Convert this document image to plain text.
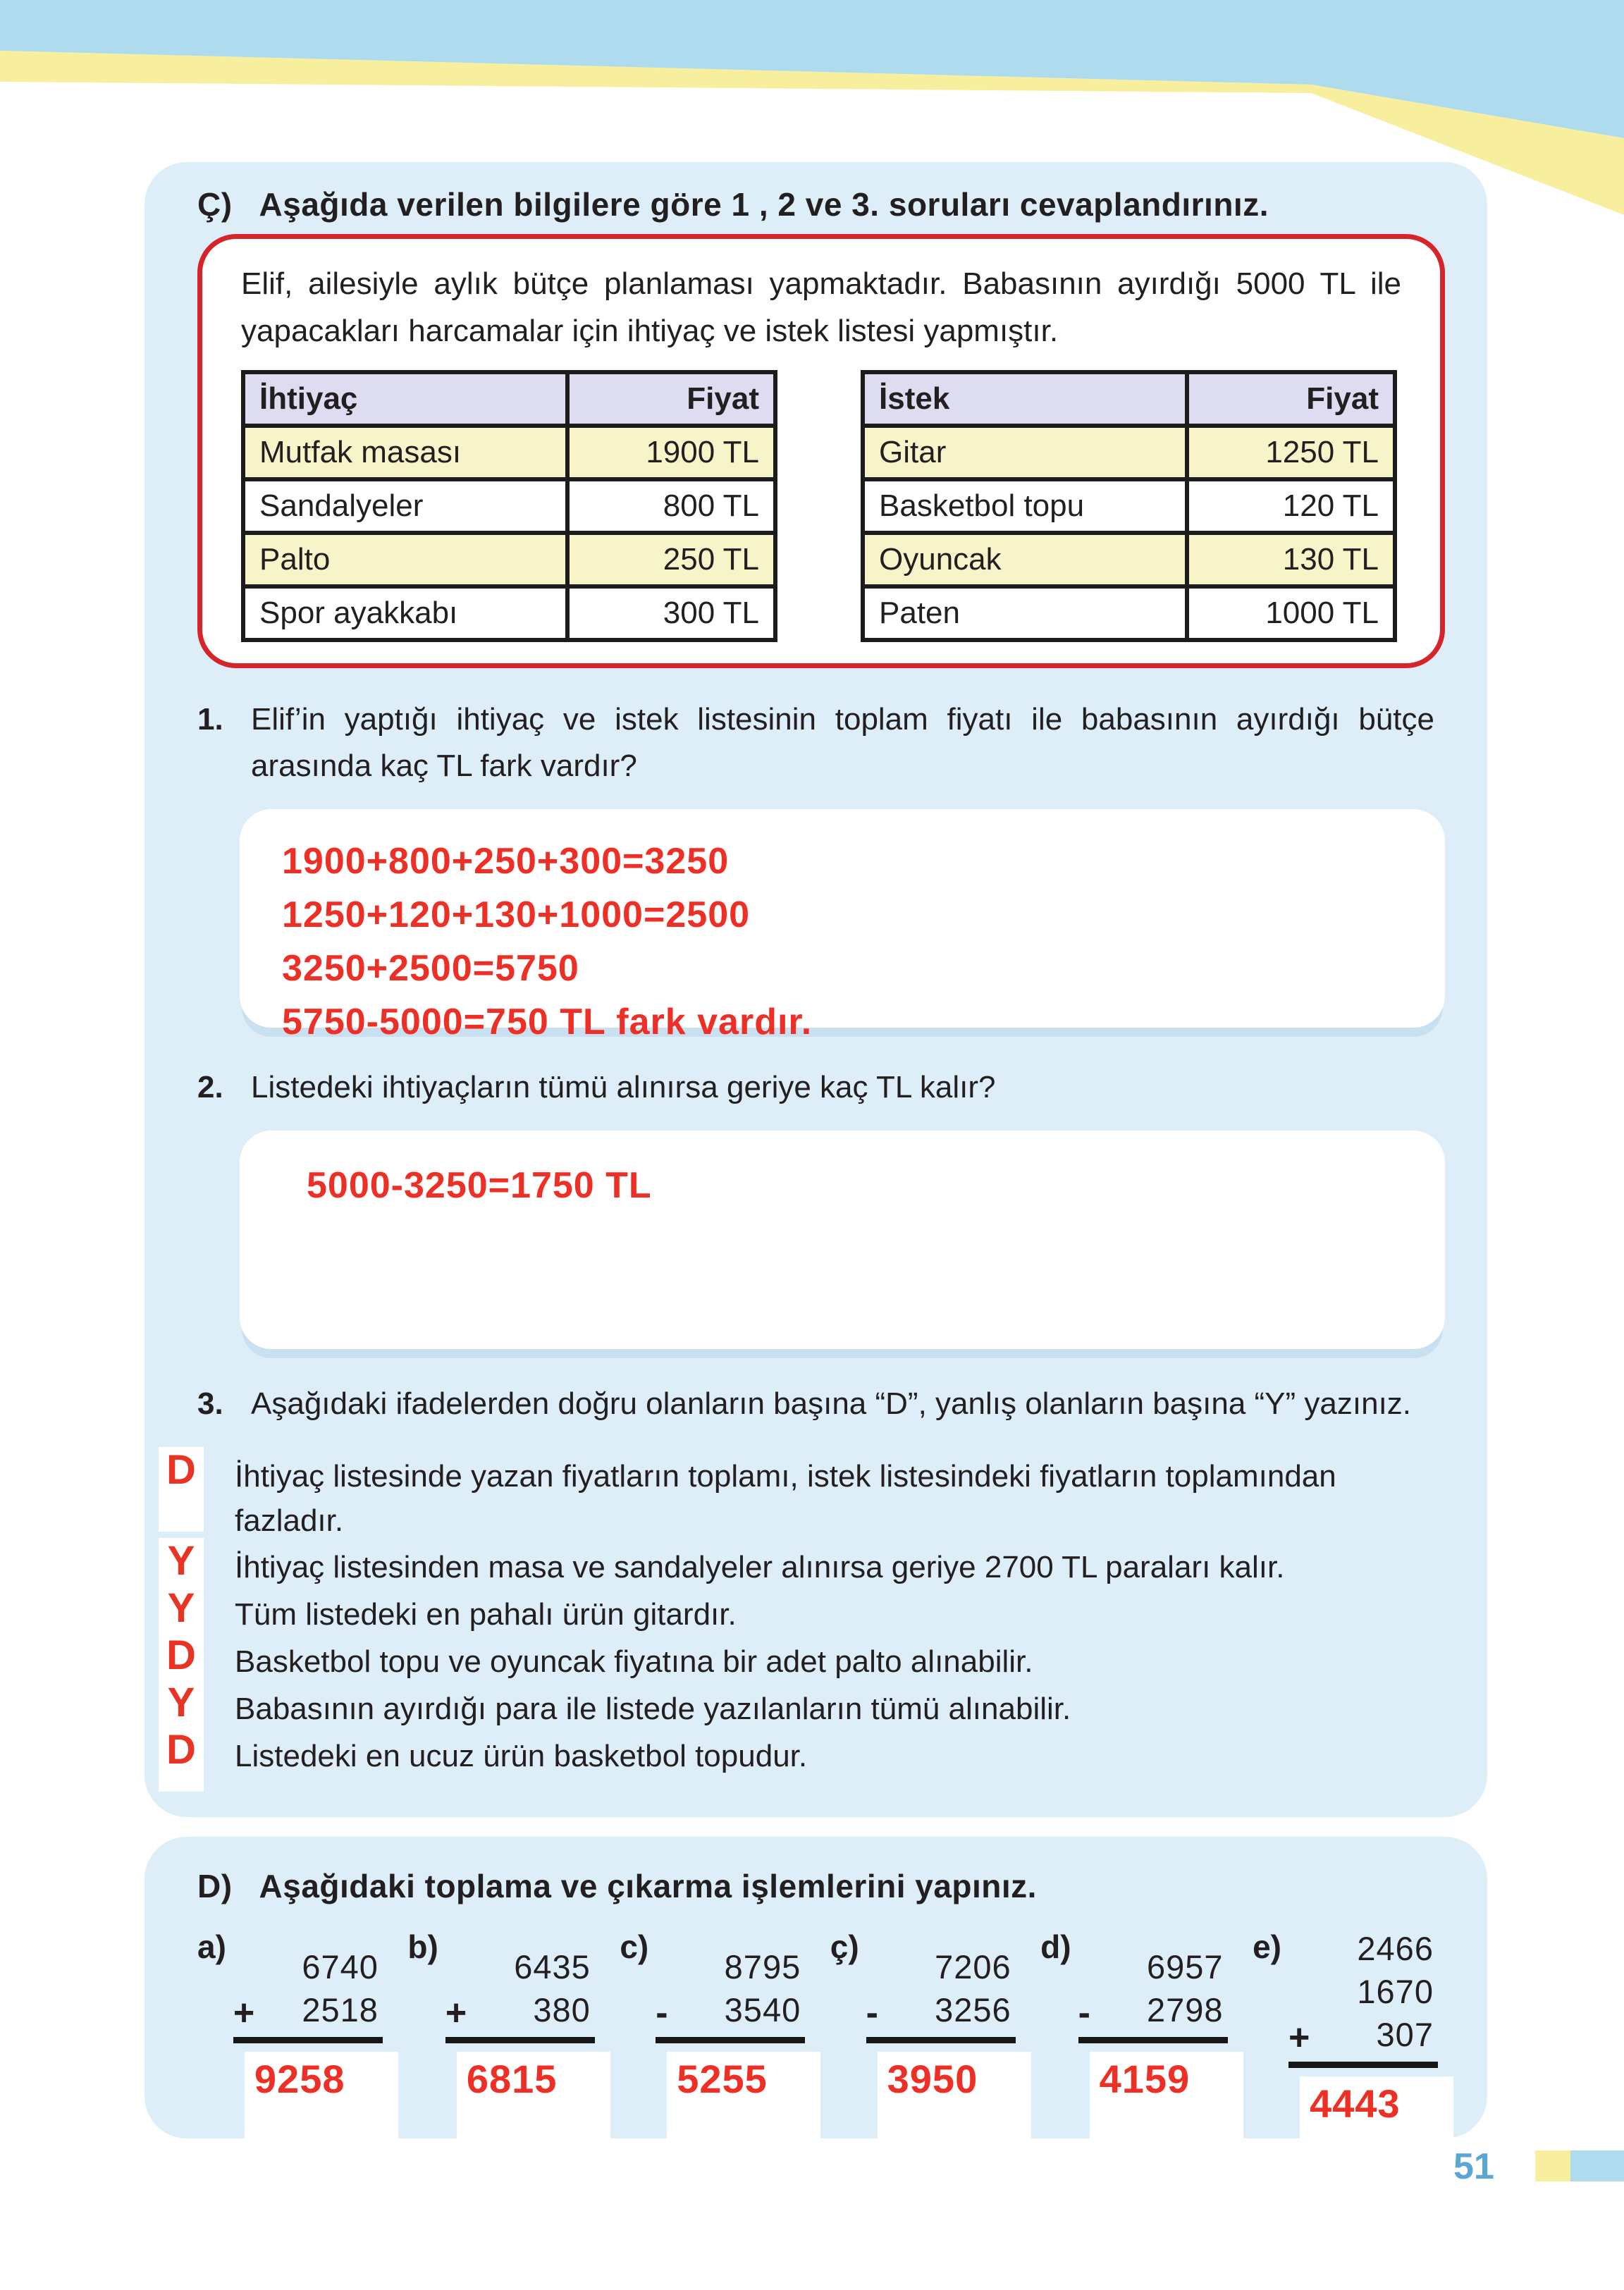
Ç) Aşağıda verilen bilgilere göre 1 , 2 ve 3. soruları cevaplandırınız.

Elif, ailesiyle aylık bütçe planlaması yapmaktadır. Babasının ayırdığı 5000 TL ile yapacakları harcamalar için ihtiyaç ve istek listesi yapmıştır.

İhtiyaç	Fiyat
Mutfak masası	1900 TL
Sandalyeler	800 TL
Palto	250 TL
Spor ayakkabı	300 TL
İstek	Fiyat
Gitar	1250 TL
Basketbol topu	120 TL
Oyuncak	130 TL
Paten	1000 TL
1. Elif’in yaptığı ihtiyaç ve istek listesinin toplam fiyatı ile babasının ayırdığı bütçe arasında kaç TL fark vardır?
1900+800+250+300=3250
1250+120+130+1000=2500
3250+2500=5750
5750-5000=750 TL fark vardır.
2. Listedeki ihtiyaçların tümü alınırsa geriye kaç TL kalır?
5000-3250=1750 TL
3. Aşağıdaki ifadelerden doğru olanların başına “D”, yanlış olanların başına “Y” yazınız.
D İhtiyaç listesinde yazan fiyatların toplamı, istek listesindeki fiyatların toplamından fazladır.
Y İhtiyaç listesinden masa ve sandalyeler alınırsa geriye 2700 TL paraları kalır.
Y Tüm listedeki en pahalı ürün gitardır.
D Basketbol topu ve oyuncak fiyatına bir adet palto alınabilir.
Y Babasının ayırdığı para ile listede yazılanların tümü alınabilir.
D Listedeki en ucuz ürün basketbol topudur.
D) Aşağıdaki toplama ve çıkarma işlemlerini yapınız.
a)
6740
2518
+
9258
b)
6435
380
+
6815
c)
8795
3540
-
5255
ç)
7206
3256
-
3950
d)
6957
2798
-
4159
e) 2466
1670
307
+
4443
51
